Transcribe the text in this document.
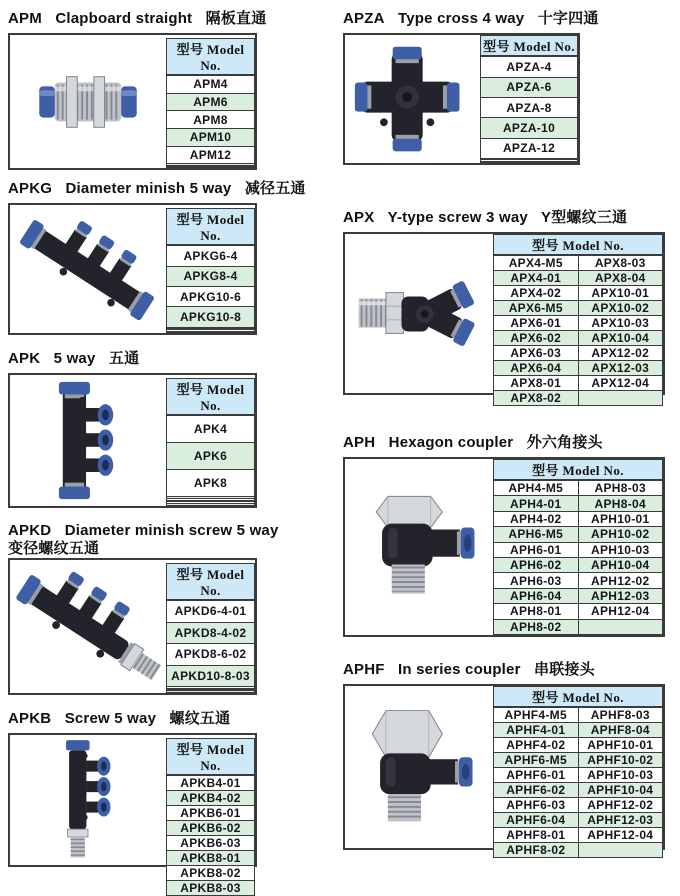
APM Clapboard straight 隔板直通
型号 Model No.
APM4
APM6
APM8
APM10
APM12

APZA Type cross 4 way 十字四通
型号 Model No.
APZA-4
APZA-6
APZA-8
APZA-10
APZA-12

APKG Diameter minish 5 way 减径五通
型号 Model No.
APKG6-4
APKG8-4
APKG10-6
APKG10-8

APX Y-type screw 3 way Y型螺纹三通
型号 Model No.	
APX4-M5	APX8-03
APX4-01	APX8-04
APX4-02	APX10-01
APX6-M5	APX10-02
APX6-01	APX10-03
APX6-02	APX10-04
APX6-03	APX12-02
APX6-04	APX12-03
APX8-01	APX12-04
APX8-02	
APK 5 way 五通
型号 Model No.
APK4
APK6
APK8

APH Hexagon coupler 外六角接头
型号 Model No.	
APH4-M5	APH8-03
APH4-01	APH8-04
APH4-02	APH10-01
APH6-M5	APH10-02
APH6-01	APH10-03
APH6-02	APH10-04
APH6-03	APH12-02
APH6-04	APH12-03
APH8-01	APH12-04
APH8-02	
APKD Diameter minish screw 5 way
变径螺纹五通
型号 Model No.
APKD6-4-01
APKD8-4-02
APKD8-6-02
APKD10-8-03

APKB Screw 5 way 螺纹五通
型号 Model No.
APKB4-01
APKB4-02
APKB6-01
APKB6-02
APKB6-03
APKB8-01
APKB8-02
APKB8-03
APHF In series coupler 串联接头
型号 Model No.	
APHF4-M5	APHF8-03
APHF4-01	APHF8-04
APHF4-02	APHF10-01
APHF6-M5	APHF10-02
APHF6-01	APHF10-03
APHF6-02	APHF10-04
APHF6-03	APHF12-02
APHF6-04	APHF12-03
APHF8-01	APHF12-04
APHF8-02	
